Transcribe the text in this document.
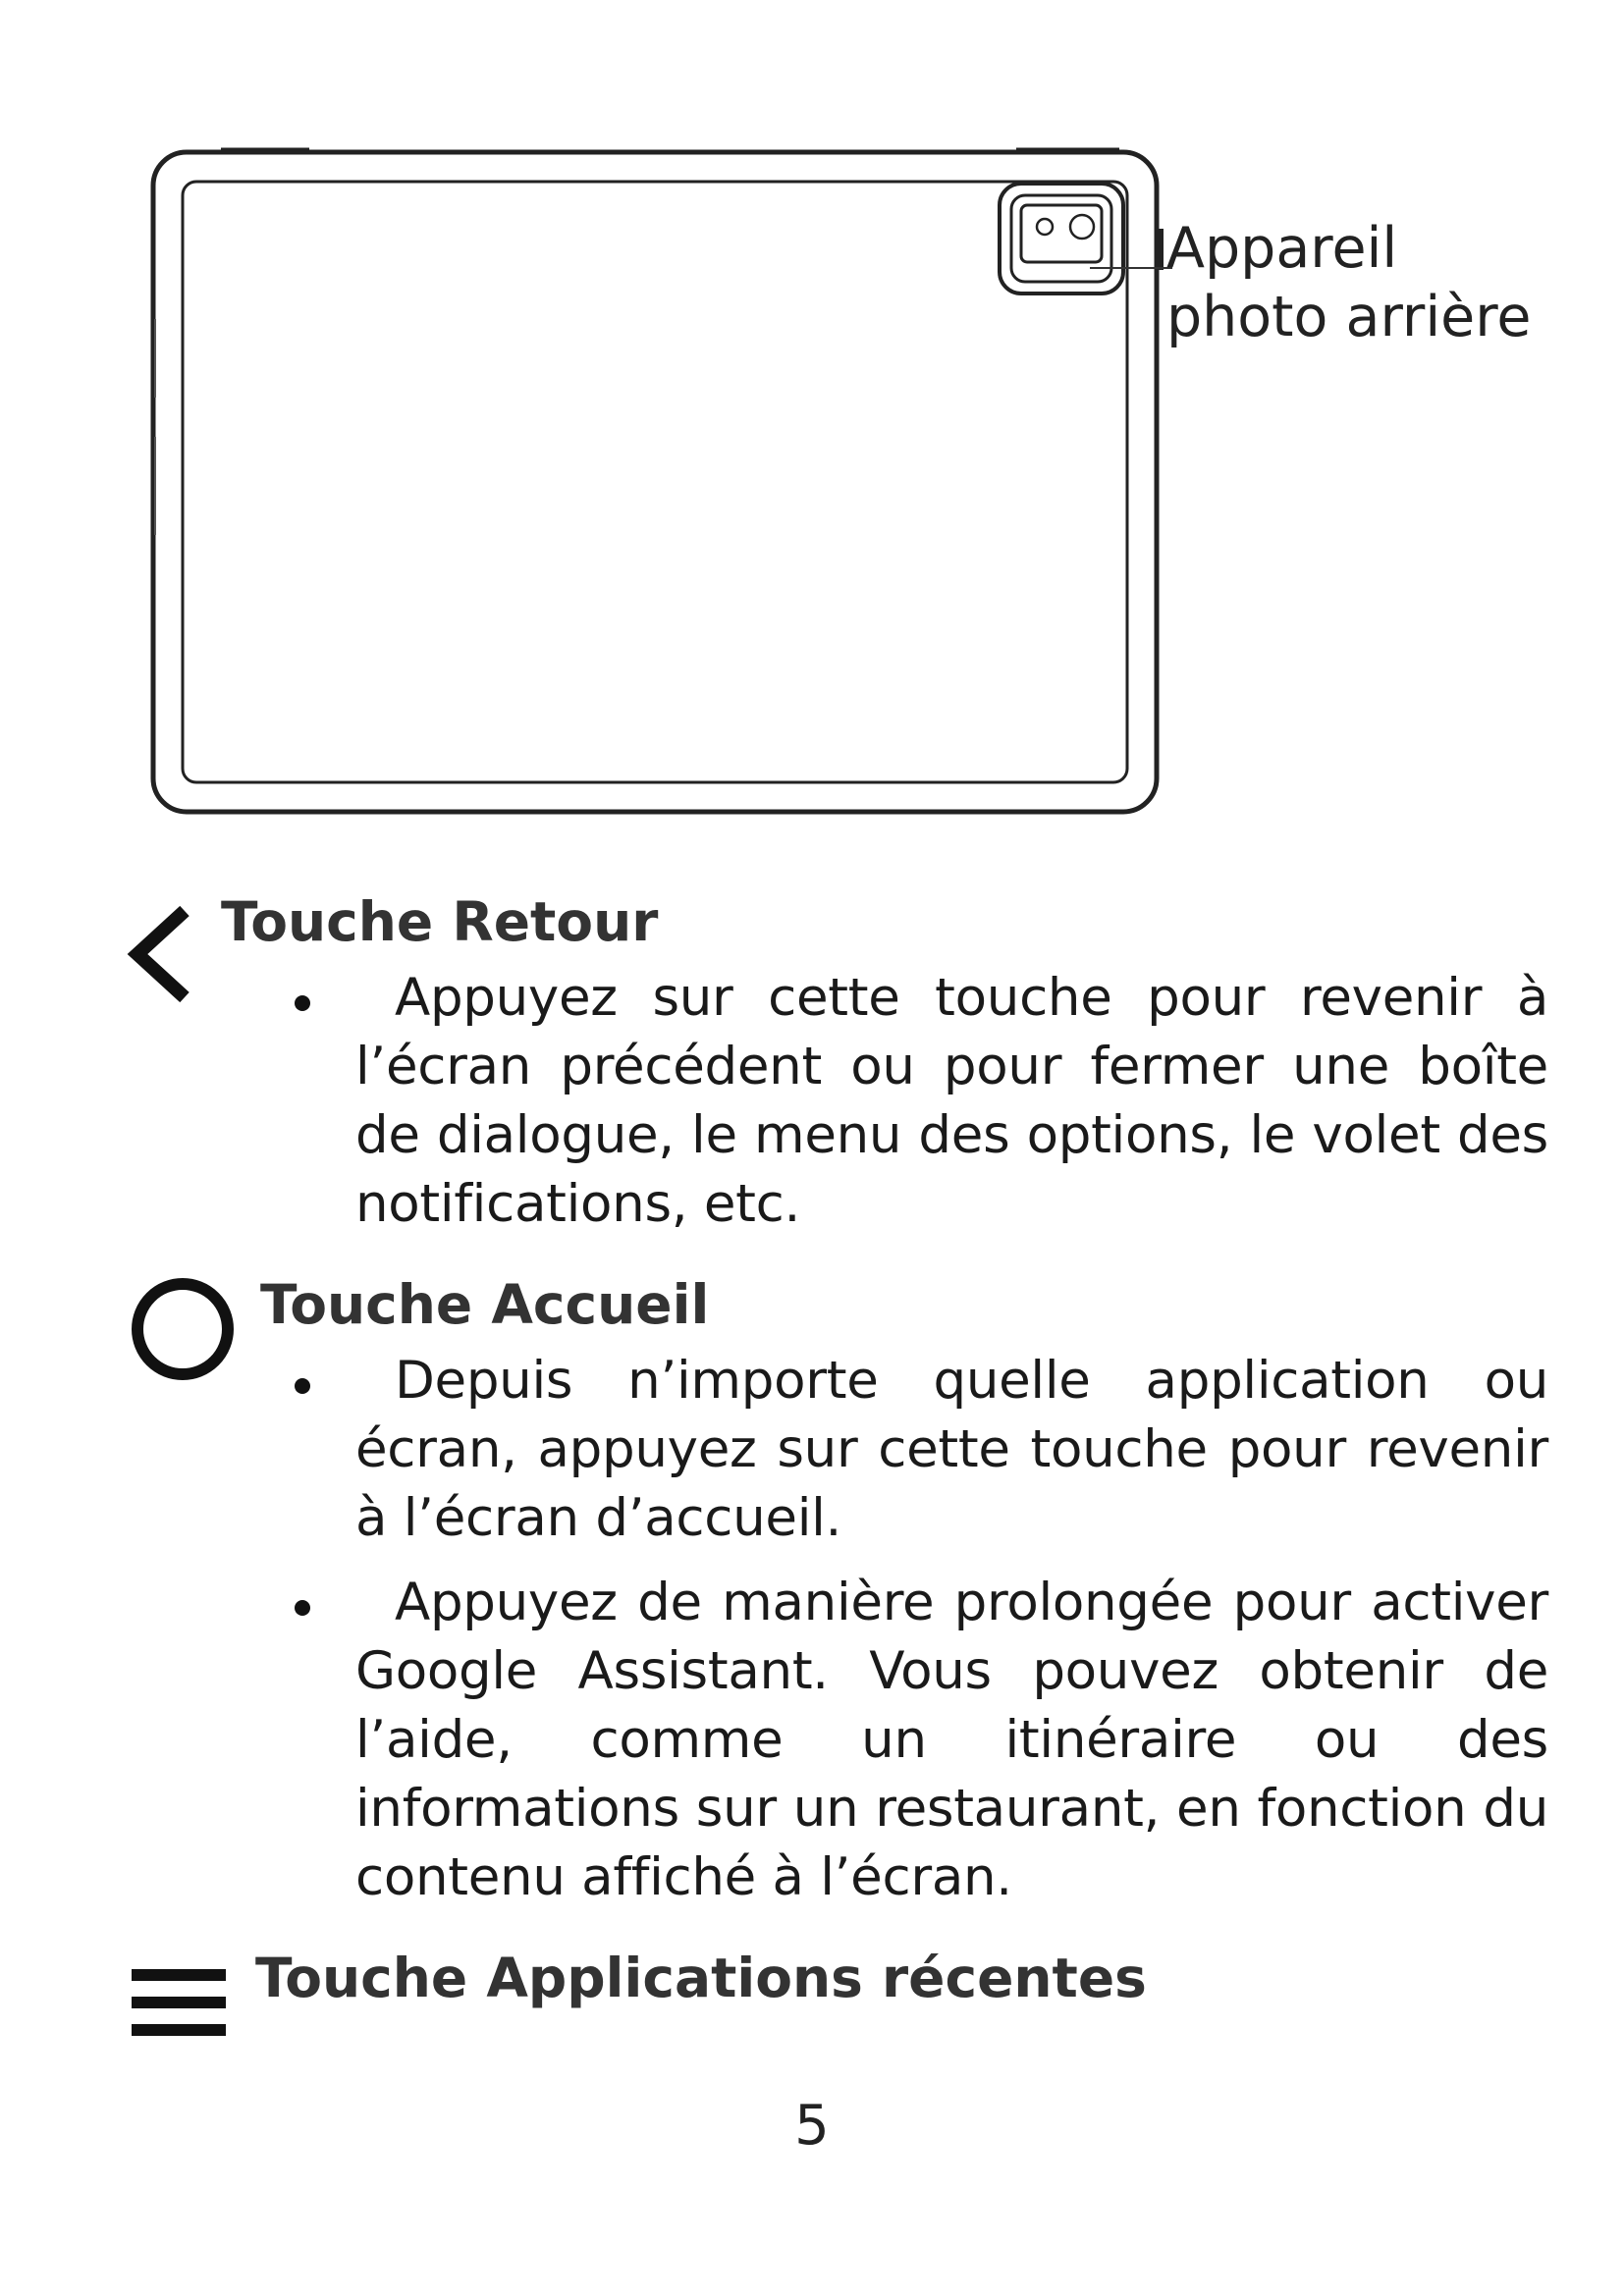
Appareil
photo arrière
Touche Retour

Appuyez sur cette touche pour revenir à l’écran précédent ou pour fermer une boîte de dialogue, le menu des options, le volet des notifications, etc.

Touche Accueil

Depuis n’importe quelle application ou écran, appuyez sur cette touche pour revenir à l’écran d’accueil.

Appuyez de manière prolongée pour activer Google Assistant. Vous pouvez obtenir de l’aide, comme un itinéraire ou des informations sur un restaurant, en fonction du contenu affiché à l’écran.

Touche Applications récentes
5
